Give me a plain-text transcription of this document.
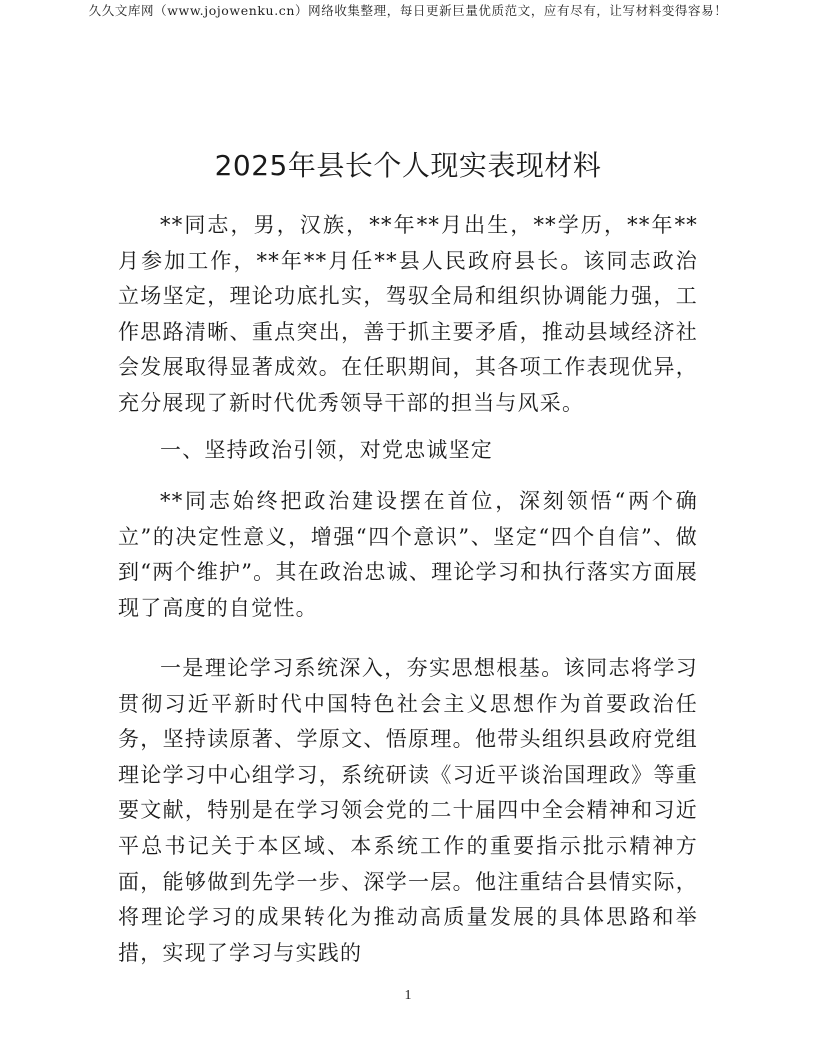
久久文库网（www.jojowenku.cn）网络收集整理，每日更新巨量优质范文，应有尽有，让写材料变得容易！
2025年县长个人现实表现材料

**同志，男，汉族，**年**月出生，**学历，**年**月参加工作，**年**月任**县人民政府县长。该同志政治立场坚定，理论功底扎实，驾驭全局和组织协调能力强，工作思路清晰、重点突出，善于抓主要矛盾，推动县域经济社会发展取得显著成效。在任职期间，其各项工作表现优异，充分展现了新时代优秀领导干部的担当与风采。

一、坚持政治引领，对党忠诚坚定

**同志始终把政治建设摆在首位，深刻领悟“两个确立”的决定性意义，增强“四个意识”、坚定“四个自信”、做到“两个维护”。其在政治忠诚、理论学习和执行落实方面展现了高度的自觉性。

一是理论学习系统深入，夯实思想根基。该同志将学习贯彻习近平新时代中国特色社会主义思想作为首要政治任务，坚持读原著、学原文、悟原理。他带头组织县政府党组理论学习中心组学习，系统研读《习近平谈治国理政》等重要文献，特别是在学习领会党的二十届四中全会精神和习近平总书记关于本区域、本系统工作的重要指示批示精神方面，能够做到先学一步、深学一层。他注重结合县情实际，将理论学习的成果转化为推动高质量发展的具体思路和举措，实现了学习与实践的

1
